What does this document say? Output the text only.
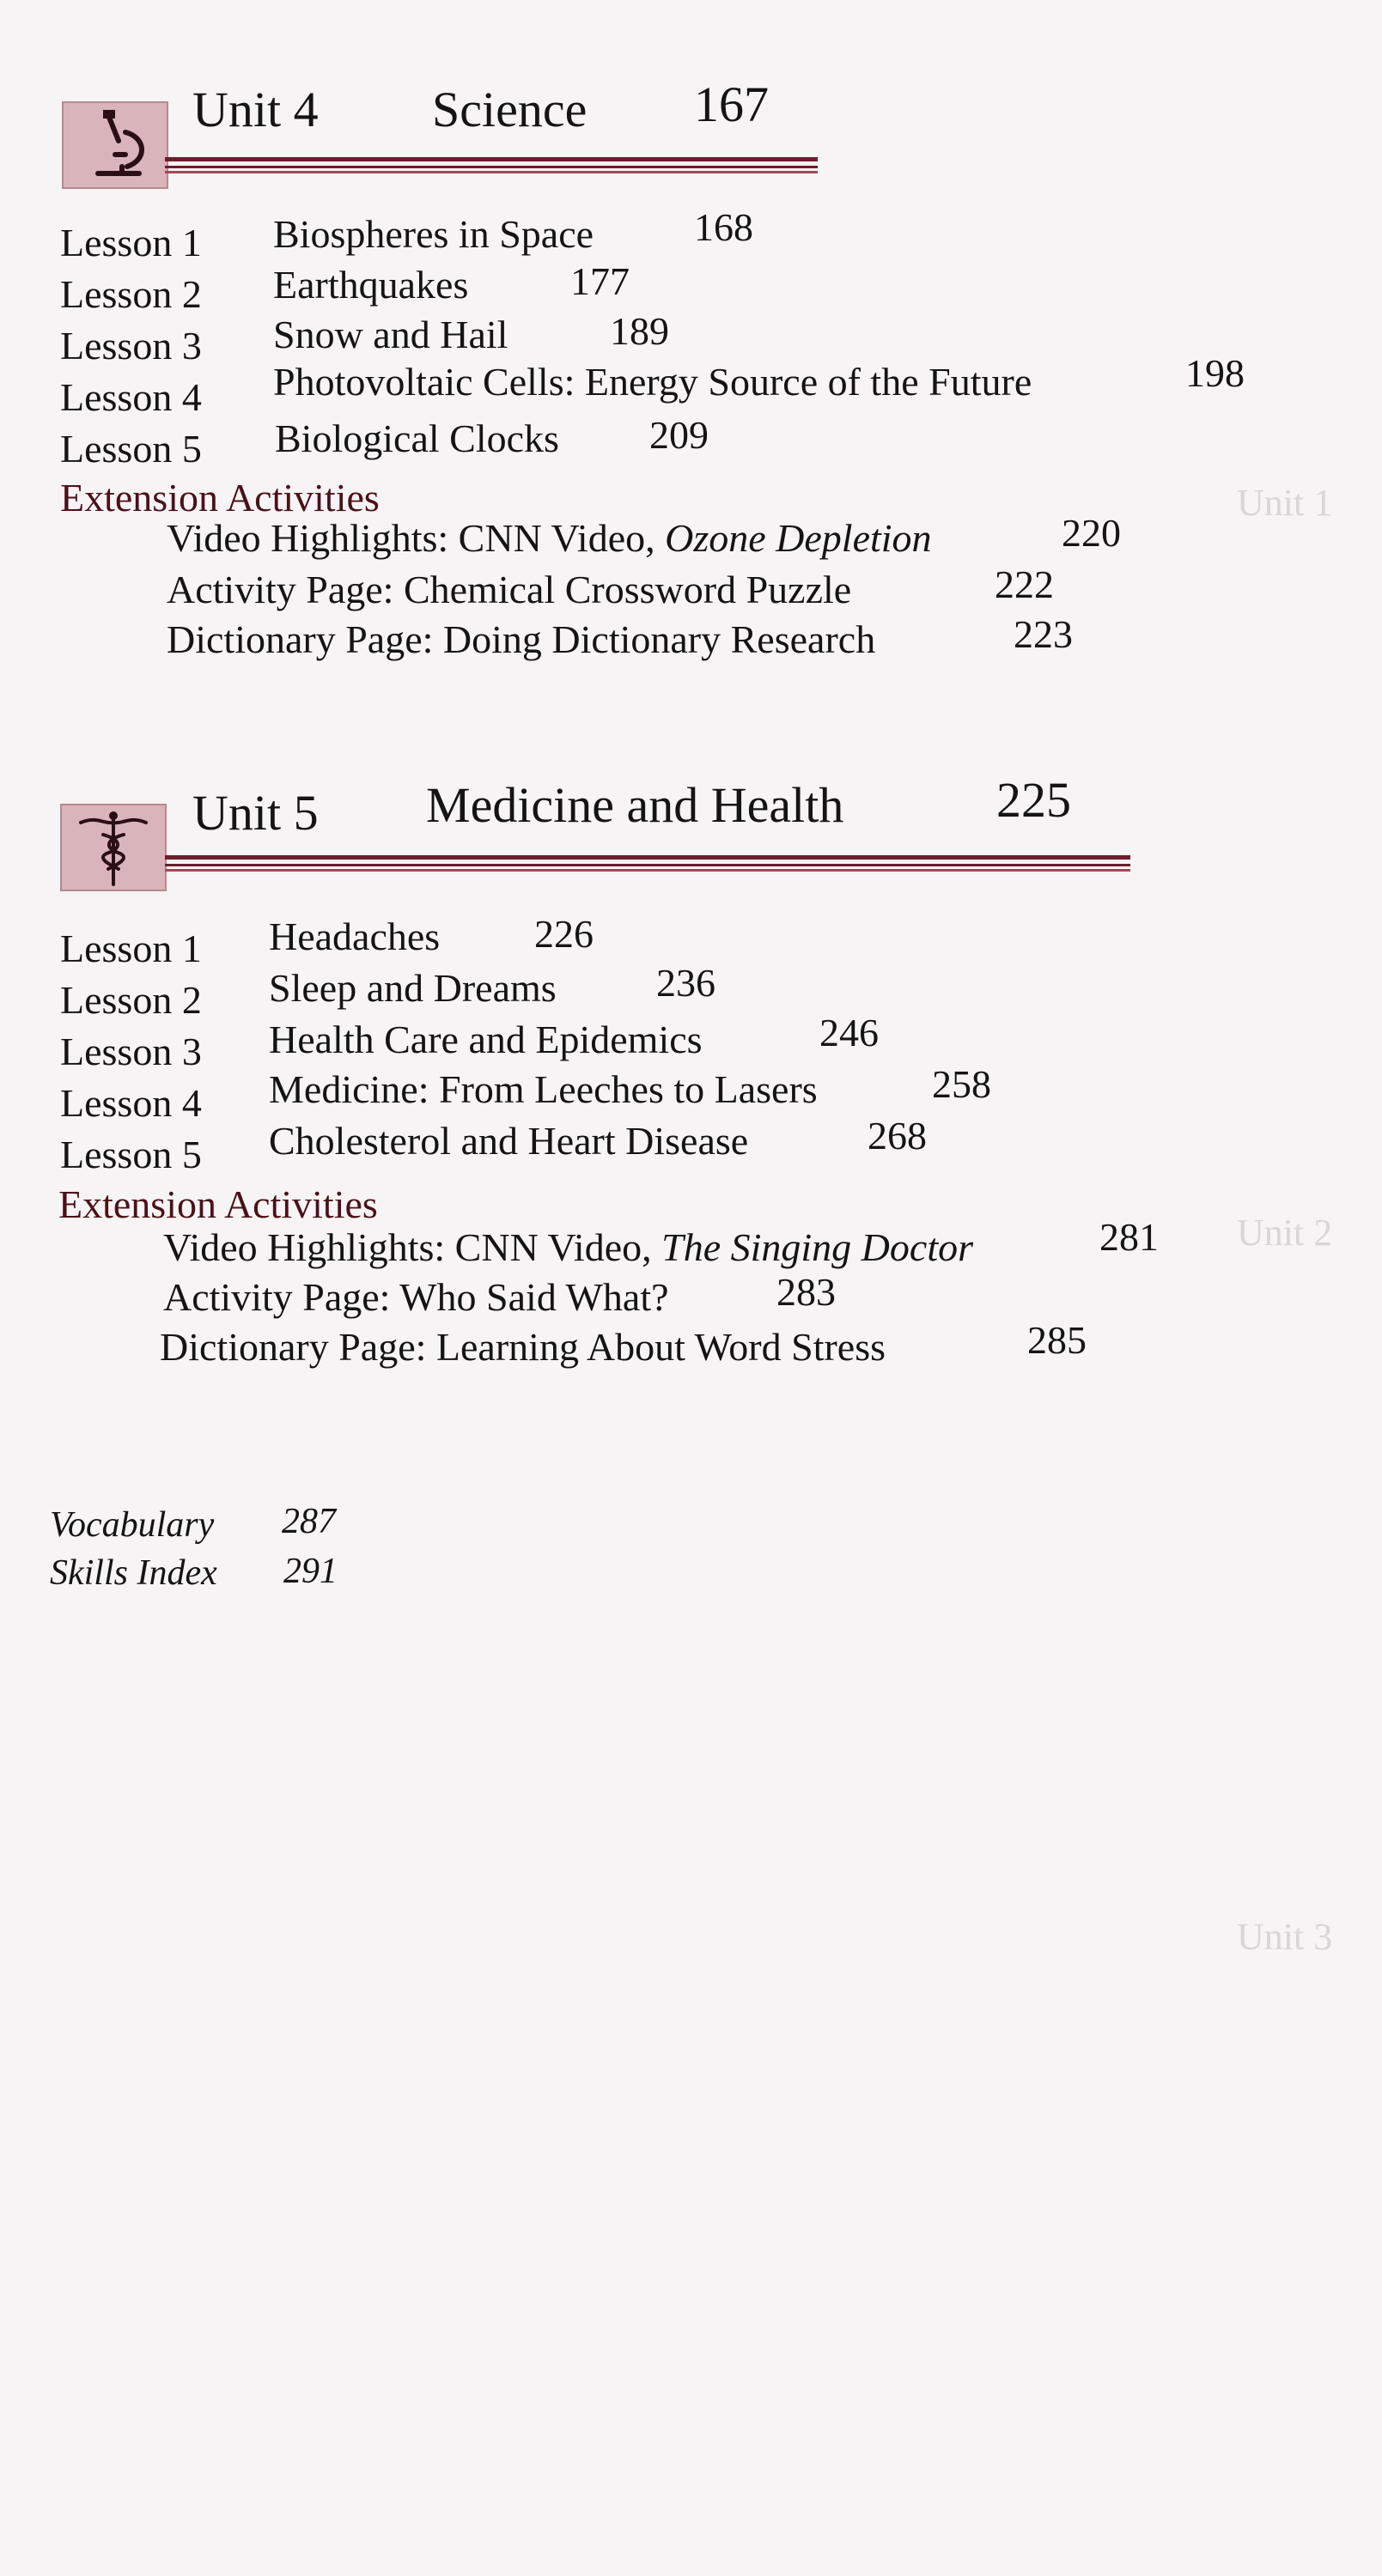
Unit 1
Unit 2
Unit 3
Unit 4 Science 167
Lesson 1 Biospheres in Space	168
Lesson 2 Earthquakes	177
Lesson 3 Snow and Hail	189
Lesson 4 Photovoltaic Cells: Energy Source of the Future	198
Lesson 5 Biological Clocks 209
Extension Activities
Video Highlights: CNN Video, Ozone Depletion	220
Activity Page: Chemical Crossword Puzzle	222
Dictionary Page: Doing Dictionary Research	223
Unit 5 Medicine and Health	225
Lesson 1 Headaches 226
Lesson 2 Sleep and Dreams	236
Lesson 3 Health Care and Epidemics	246
Lesson 4 Medicine: From Leeches to Lasers	258
Lesson 5 Cholesterol and Heart Disease	268
Extension Activities
Video Highlights: CNN Video, The Singing Doctor	281
Activity Page: Who Said What?	283
Dictionary Page: Learning About Word Stress	285
Vocabulary 287
Skills Index 291
